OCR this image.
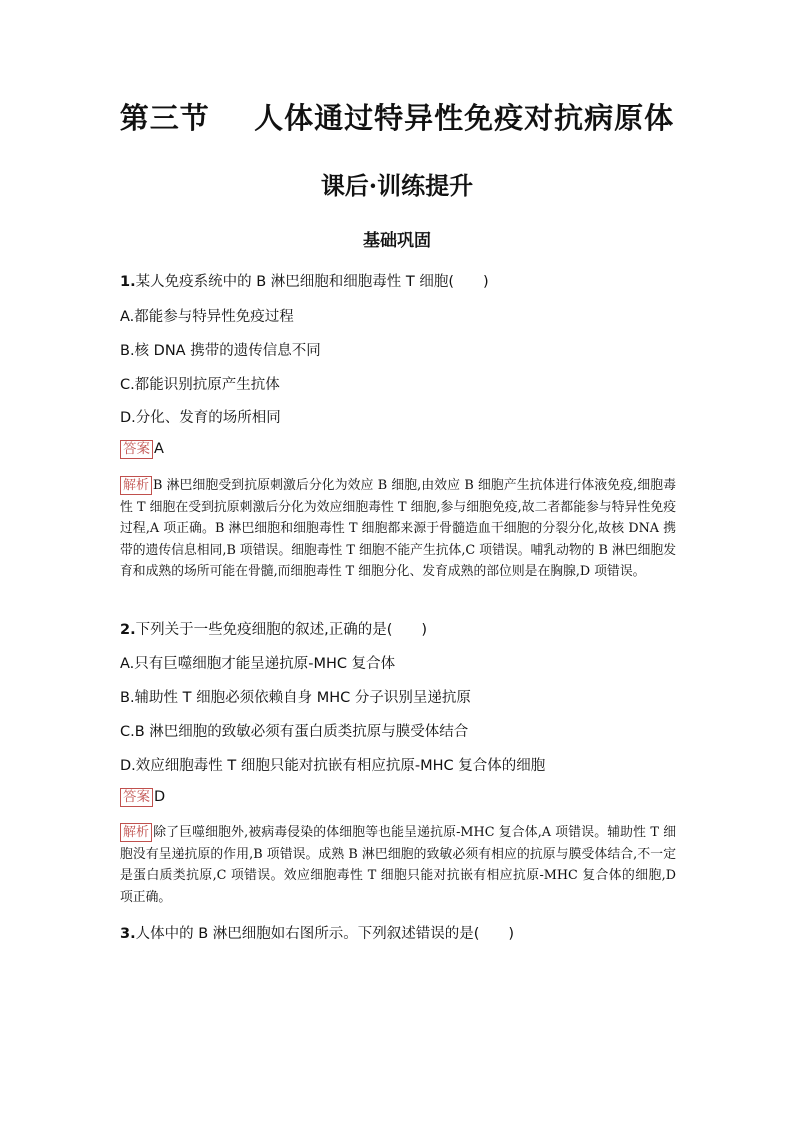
第三节    人体通过特异性免疫对抗病原体
课后·训练提升
基础巩固
1.某人免疫系统中的 B 淋巴细胞和细胞毒性 T 细胞(　　)
A.都能参与特异性免疫过程
B.核 DNA 携带的遗传信息不同
C.都能识别抗原产生抗体
D.分化、发育的场所相同
答案 A
解析 B 淋巴细胞受到抗原刺激后分化为效应 B 细胞,由效应 B 细胞产生抗体进行体液免疫,细胞毒性 T 细胞在受到抗原刺激后分化为效应细胞毒性 T 细胞,参与细胞免疫,故二者都能参与特异性免疫过程,A 项正确。B 淋巴细胞和细胞毒性 T 细胞都来源于骨髓造血干细胞的分裂分化,故核 DNA 携带的遗传信息相同,B 项错误。细胞毒性 T 细胞不能产生抗体,C 项错误。哺乳动物的 B 淋巴细胞发育和成熟的场所可能在骨髓,而细胞毒性 T 细胞分化、发育成熟的部位则是在胸腺,D 项错误。
2.下列关于一些免疫细胞的叙述,正确的是(　　)
A.只有巨噬细胞才能呈递抗原-MHC 复合体
B.辅助性 T 细胞必须依赖自身 MHC 分子识别呈递抗原
C.B 淋巴细胞的致敏必须有蛋白质类抗原与膜受体结合
D.效应细胞毒性 T 细胞只能对抗嵌有相应抗原-MHC 复合体的细胞
答案 D
解析 除了巨噬细胞外,被病毒侵染的体细胞等也能呈递抗原-MHC 复合体,A 项错误。辅助性 T 细胞没有呈递抗原的作用,B 项错误。成熟 B 淋巴细胞的致敏必须有相应的抗原与膜受体结合,不一定是蛋白质类抗原,C 项错误。效应细胞毒性 T 细胞只能对抗嵌有相应抗原-MHC 复合体的细胞,D 项正确。
3.人体中的 B 淋巴细胞如右图所示。下列叙述错误的是(　　)
